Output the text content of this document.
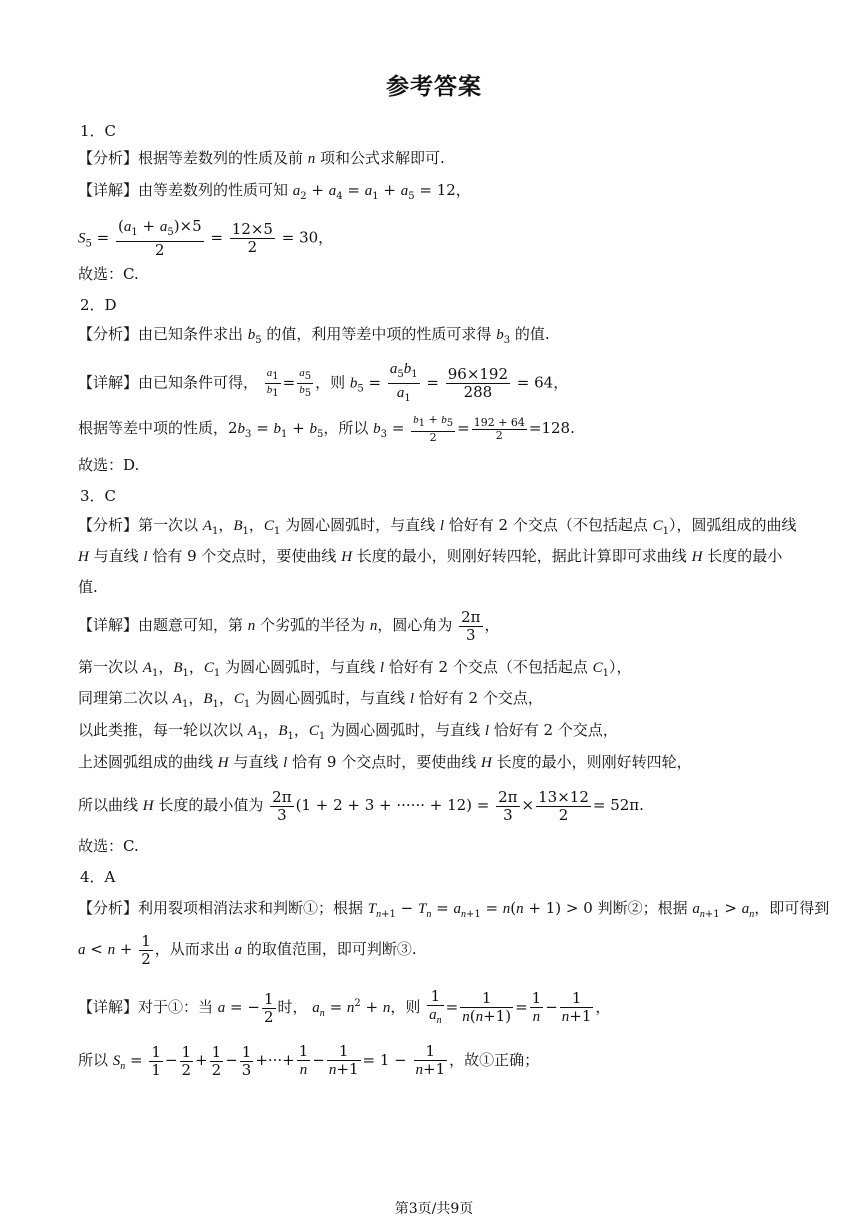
参考答案
1．C
【分析】根据等差数列的性质及前 n 项和公式求解即可.
【详解】由等差数列的性质可知 $a_2 + a_4 = a_1 + a_5 = 12$，
$S_5 = \frac{(a_1 + a_5)\times 5}{2} = \frac{12\times 5}{2} = 30$，
故选：C.
2．D
【分析】由已知条件求出 $b_5$ 的值，利用等差中项的性质可求得 $b_3$ 的值.
【详解】由已知条件可得， $\frac{a_1}{b_1} = \frac{a_5}{b_5}$ ，则 $b_5 = \frac{a_5b_1}{a_1} = \frac{96\times 192}{288} = 64$，
根据等差中项的性质，$2b_3 = b_1 + b_5$，所以 $b_3 = \frac{b_1 + b_5}{2} = \frac{192 + 64}{2} =128$.
故选：D.
3．C
【分析】第一次以 $A_1$，$B_1$，$C_1$ 为圆心圆弧时，与直线 l 恰好有 2 个交点（不包括起点 $C_1$），圆弧组成的曲线
H 与直线 l 恰有 9 个交点时，要使曲线 H 长度的最小，则刚好转四轮，据此计算即可求曲线 H 长度的最小
值.
【详解】由题意可知，第 n 个劣弧的半径为 n，圆心角为 $\frac{2\pi}{3}$ ，
第一次以 $A_1$，$B_1$，$C_1$ 为圆心圆弧时，与直线 l 恰好有 2 个交点（不包括起点 $C_1$），
同理第二次以 $A_1$，$B_1$，$C_1$ 为圆心圆弧时，与直线 l 恰好有 2 个交点，
以此类推，每一轮以次以 $A_1$，$B_1$，$C_1$ 为圆心圆弧时，与直线 l 恰好有 2 个交点，
上述圆弧组成的曲线 H 与直线 l 恰有 9 个交点时，要使曲线 H 长度的最小，则刚好转四轮，
所以曲线 H 长度的最小值为 $\frac{2\pi}{3} (1 + 2 + 3$ + ······ + $12) = \frac{2\pi}{3} \times \frac{13\times 12}{2} = 52\pi$.
故选：C.
4．A
【分析】利用裂项相消法求和判断①；根据 $T_{n+1} - T_n = a_{n+1} = n(n + 1) > 0$ 判断②；根据 $a_{n+1} > a_n$，即可得到
$a < n + \frac{1}{2}$ ，从而求出 a 的取值范围，即可判断③.
【详解】对于①：当 a = − $\frac{1}{2}$ 时， $a_n = n^2 + n$，则 $\frac{1}{a_n} = \frac{1}{n(n+1)} = \frac{1}{n} - \frac{1}{n+1}$ ，
所以 $S_n = \frac{1}{1} - \frac{1}{2} + \frac{1}{2} - \frac{1}{3}$ +···+ $\frac{1}{n} - \frac{1}{n+1} = 1 - \frac{1}{n+1}$ ，故①正确；
第3页/共9页
